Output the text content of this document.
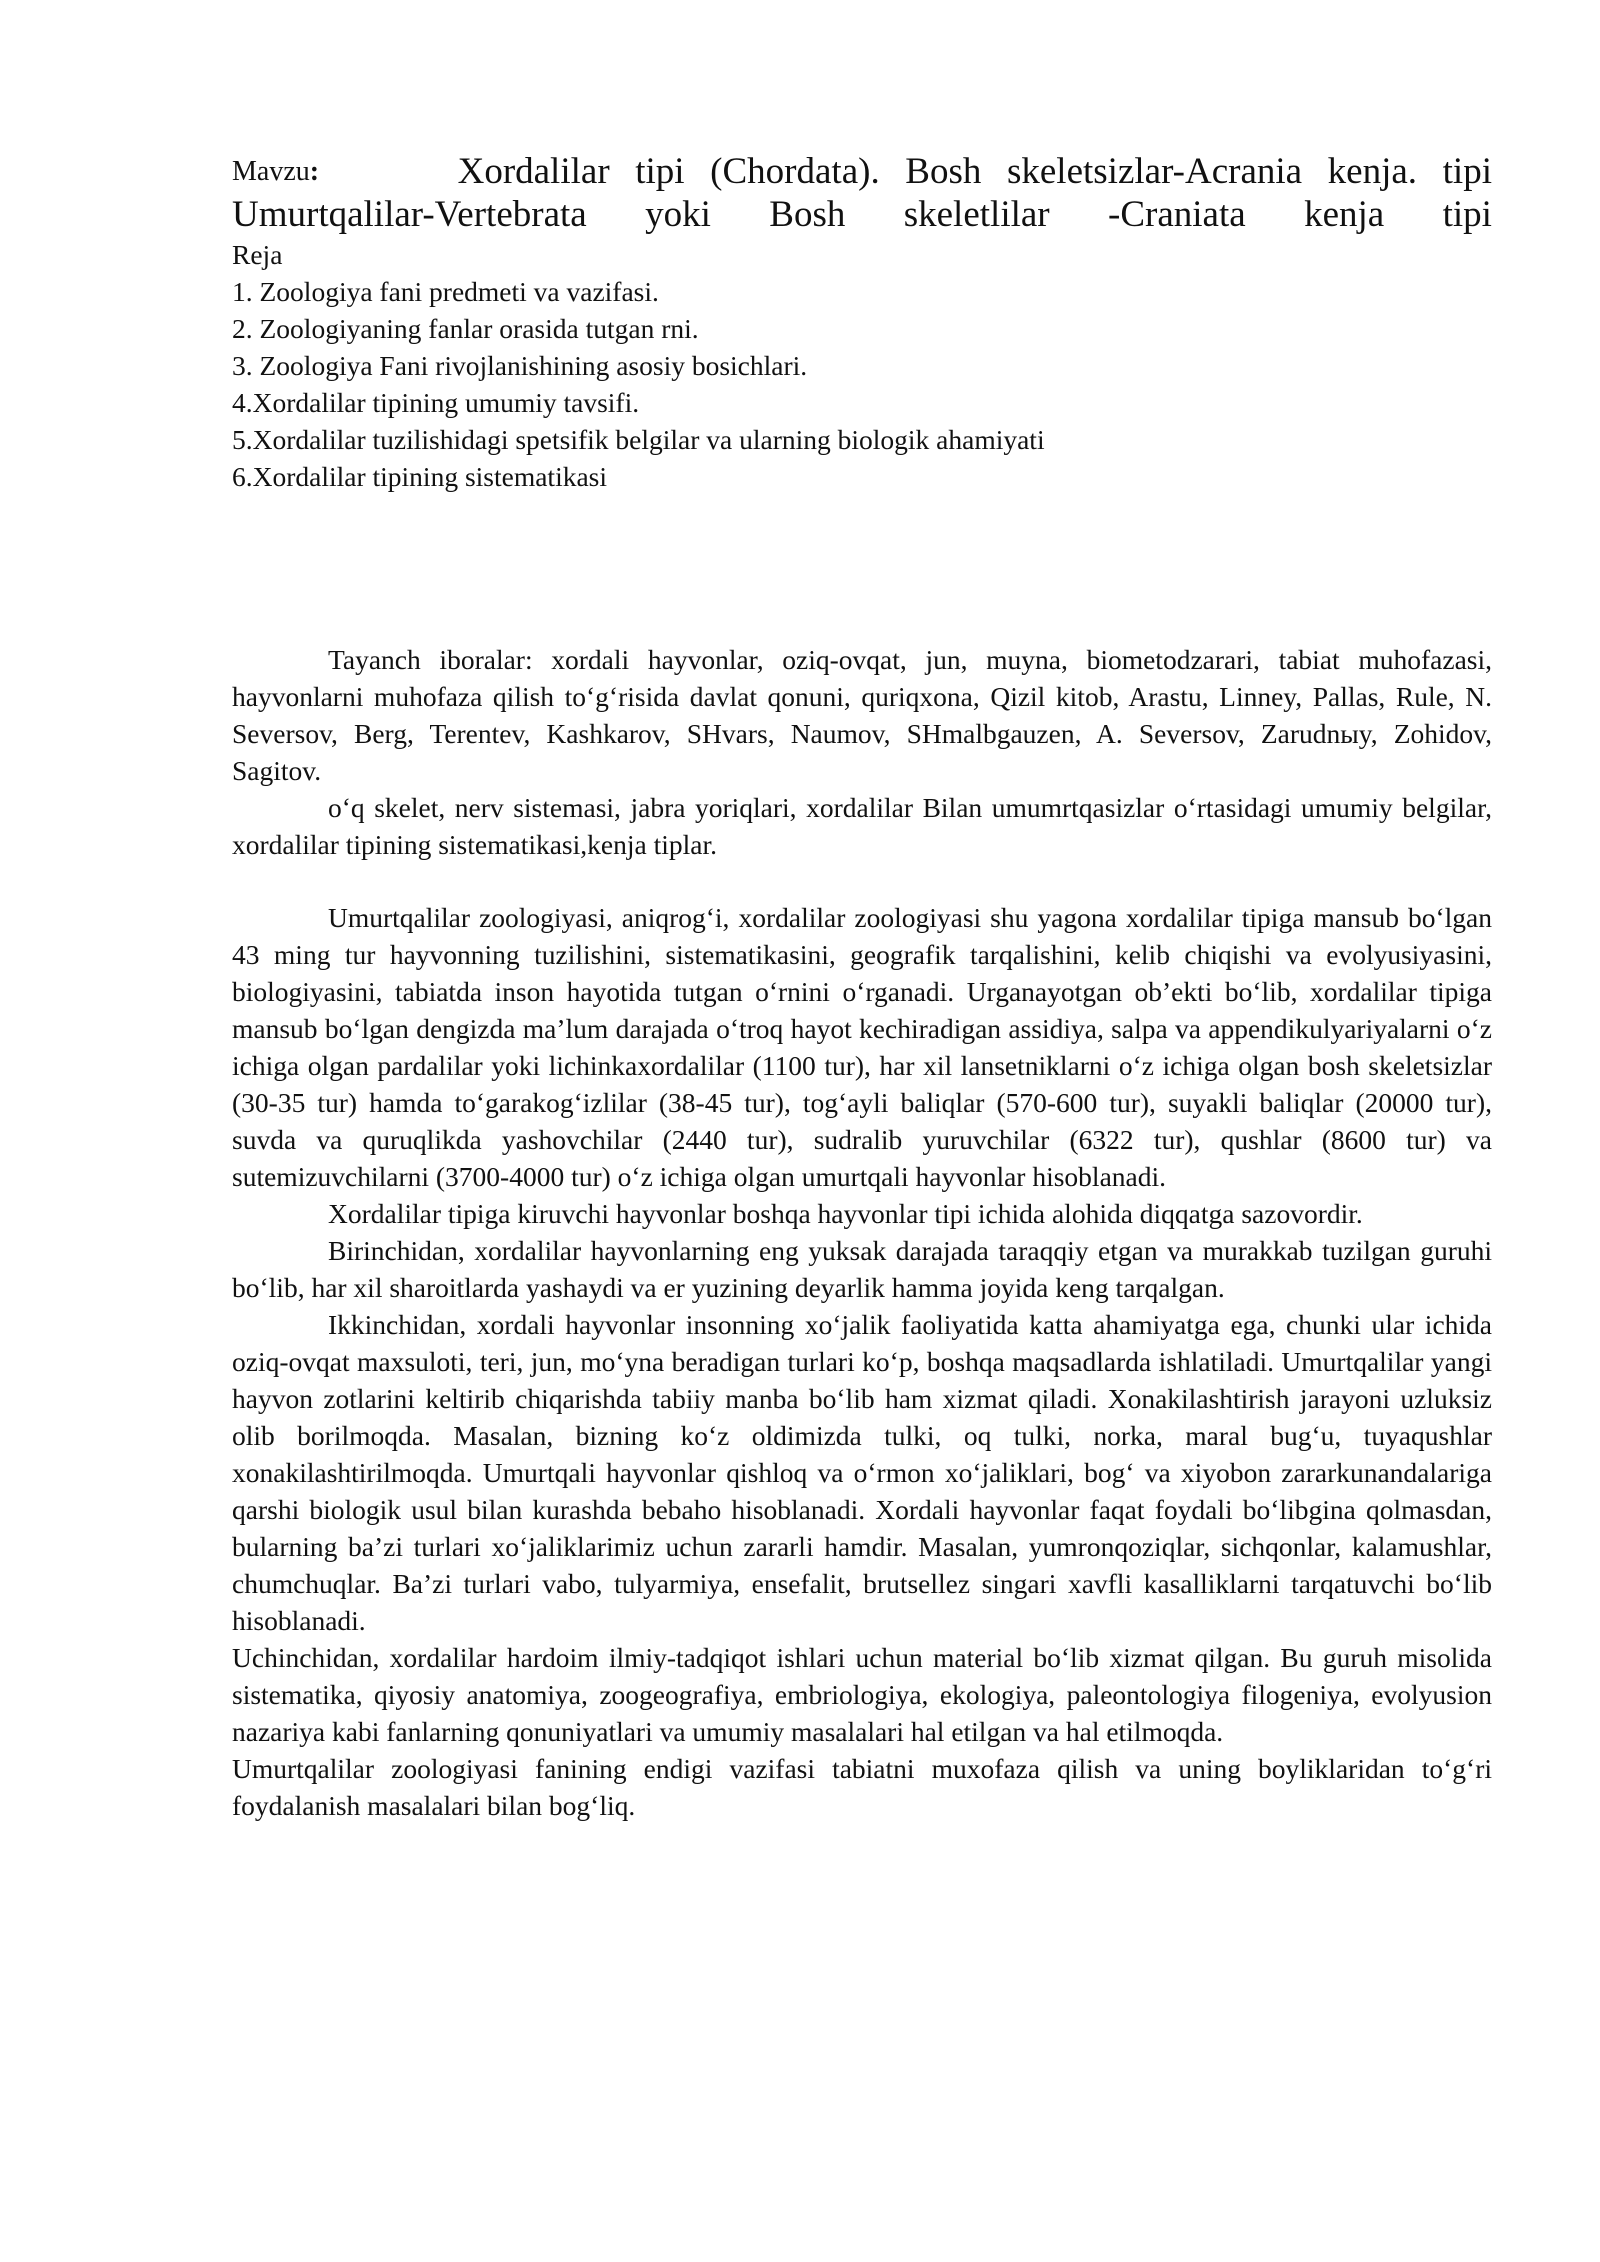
Mavzu:	Xordalilar tipi (Chordata). Bosh skeletsizlar-Acrania kenja. tipi
Umurtqalilar-Vertebrata yoki Bosh skeletlilar -Craniata kenja tipi
Reja
1. Zoologiya fani predmeti va vazifasi.
2. Zoologiyaning fanlar orasida tutgan rni.
3. Zoologiya Fani rivojlanishining asosiy bosichlari.
4.Xordalilar tipining umumiy tavsifi.
5.Xordalilar tuzilishidagi spetsifik belgilar va ularning biologik ahamiyati
6.Xordalilar tipining sistematikasi

Tayanch iboralar: xordali hayvonlar, oziq-ovqat, jun, muyna, biometodzarari, tabiat muhofazasi, hayvonlarni muhofaza qilish to‘g‘risida davlat qonuni, quriqxona, Qizil kitob, Arastu, Linney, Pallas, Rule, N. Seversov, Berg, Terentev, Kashkarov, SHvars, Naumov, SHmalbgauzen, A. Seversov, Zarudnыy, Zohidov, Sagitov.

o‘q skelet, nerv sistemasi, jabra yoriqlari, xordalilar Bilan umumrtqasizlar o‘rtasidagi umumiy belgilar, xordalilar tipining sistematikasi,kenja tiplar.

Umurtqalilar zoologiyasi, aniqrog‘i, xordalilar zoologiyasi shu yagona xordalilar tipiga mansub bo‘lgan 43 ming tur hayvonning tuzilishini, sistematikasini, geografik tarqalishini, kelib chiqishi va evolyusiyasini, biologiyasini, tabiatda inson hayotida tutgan o‘rnini o‘rganadi. Urganayotgan ob’ekti bo‘lib, xordalilar tipiga mansub bo‘lgan dengizda ma’lum darajada o‘troq hayot kechiradigan assidiya, salpa va appendikulyariyalarni o‘z ichiga olgan pardalilar yoki lichinkaxordalilar (1100 tur), har xil lansetniklarni o‘z ichiga olgan bosh skeletsizlar (30-35 tur) hamda to‘garakog‘izlilar (38-45 tur), tog‘ayli baliqlar (570-600 tur), suyakli baliqlar (20000 tur), suvda va quruqlikda yashovchilar (2440 tur), sudralib yuruvchilar (6322 tur), qushlar (8600 tur) va sutemizuvchilarni (3700-4000 tur) o‘z ichiga olgan umurtqali hayvonlar hisoblanadi.

Xordalilar tipiga kiruvchi hayvonlar boshqa hayvonlar tipi ichida alohida diqqatga sazovordir.

Birinchidan, xordalilar hayvonlarning eng yuksak darajada taraqqiy etgan va murakkab tuzilgan guruhi bo‘lib, har xil sharoitlarda yashaydi va er yuzining deyarlik hamma joyida keng tarqalgan.

Ikkinchidan, xordali hayvonlar insonning xo‘jalik faoliyatida katta ahamiyatga ega, chunki ular ichida oziq-ovqat maxsuloti, teri, jun, mo‘yna beradigan turlari ko‘p, boshqa maqsadlarda ishlatiladi. Umurtqalilar yangi hayvon zotlarini keltirib chiqarishda tabiiy manba bo‘lib ham xizmat qiladi. Xonakilashtirish jarayoni uzluksiz olib borilmoqda. Masalan, bizning ko‘z oldimizda tulki, oq tulki, norka, maral bug‘u, tuyaqushlar xonakilashtirilmoqda. Umurtqali hayvonlar qishloq va o‘rmon xo‘jaliklari, bog‘ va xiyobon zararkunandalariga qarshi biologik usul bilan kurashda bebaho hisoblanadi. Xordali hayvonlar faqat foydali bo‘libgina qolmasdan, bularning ba’zi turlari xo‘jaliklarimiz uchun zararli hamdir. Masalan, yumronqoziqlar, sichqonlar, kalamushlar, chumchuqlar. Ba’zi turlari vabo, tulyarmiya, ensefalit, brutsellez singari xavfli kasalliklarni tarqatuvchi bo‘lib hisoblanadi.

Uchinchidan, xordalilar hardoim ilmiy-tadqiqot ishlari uchun material bo‘lib xizmat qilgan. Bu guruh misolida sistematika, qiyosiy anatomiya, zoogeografiya, embriologiya, ekologiya, paleontologiya filogeniya, evolyusion nazariya kabi fanlarning qonuniyatlari va umumiy masalalari hal etilgan va hal etilmoqda.

Umurtqalilar zoologiyasi fanining endigi vazifasi tabiatni muxofaza qilish va uning boyliklaridan to‘g‘ri foydalanish masalalari bilan bog‘liq.
